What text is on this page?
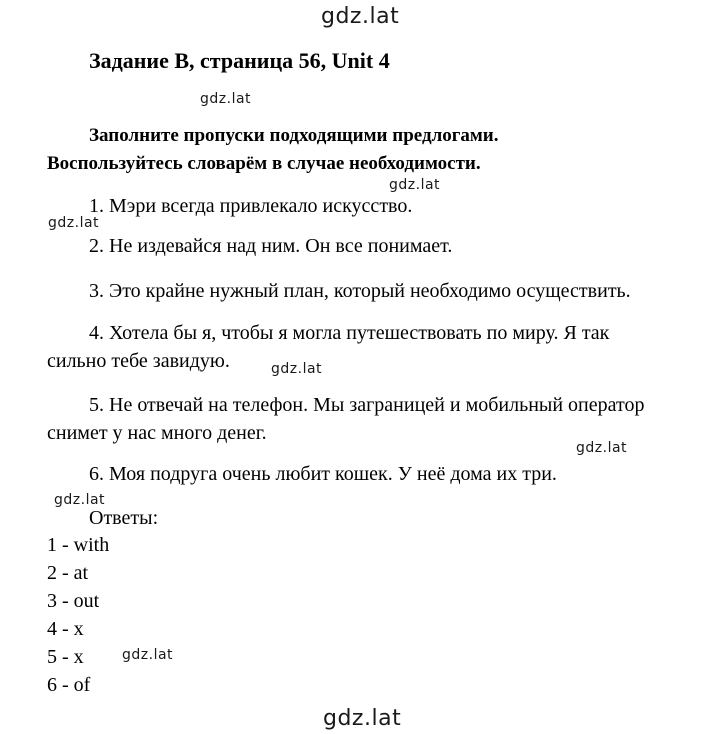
gdz.lat
gdz.lat
gdz.lat
gdz.lat
gdz.lat
gdz.lat
gdz.lat
gdz.lat
gdz.lat
Задание B, страница 56, Unit 4
Заполните пропуски подходящими предлогами.
Воспользуйтесь словарём в случае необходимости.
1. Мэри всегда привлекало искусство.
2. Не издевайся над ним. Он все понимает.
3. Это крайне нужный план, который необходимо осуществить.
4. Хотела бы я, чтобы я могла путешествовать по миру. Я так
сильно тебе завидую.
5. Не отвечай на телефон. Мы заграницей и мобильный оператор
снимет у нас много денег.
6. Моя подруга очень любит кошек. У неё дома их три.
Ответы:
1 - with
2 - at
3 - out
4 - x
5 - x
6 - of
